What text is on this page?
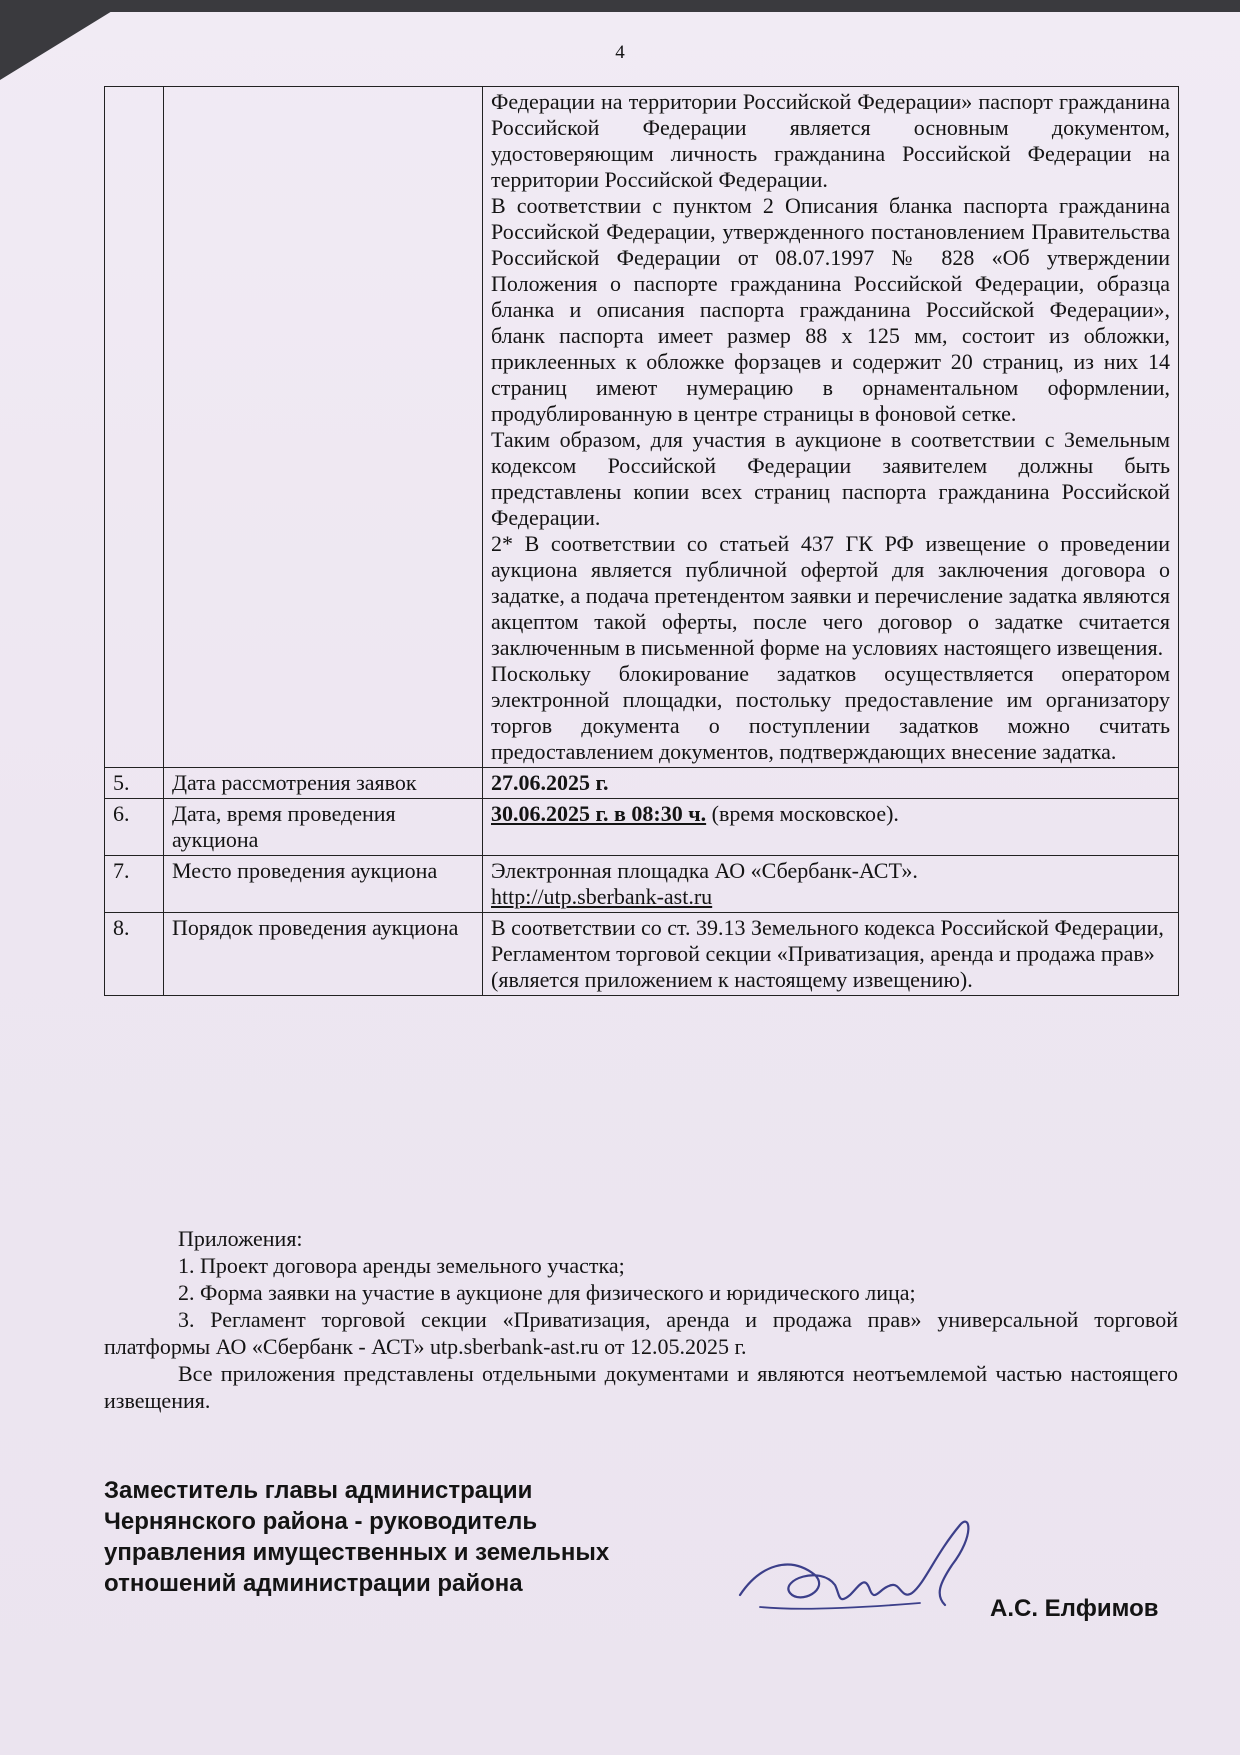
4

		Федерации на территории Российской Федерации» паспорт гражданина Российской Федерации является основным документом, удостоверяющим личность гражданина Российской Федерации на территории Российской Федерации.

В соответствии с пунктом 2 Описания бланка паспорта гражданина Российской Федерации, утвержденного постановлением Правительства Российской Федерации от 08.07.1997 № 828 «Об утверждении Положения о паспорте гражданина Российской Федерации, образца бланка и описания паспорта гражданина Российской Федерации», бланк паспорта имеет размер 88 х 125 мм, состоит из обложки, приклеенных к обложке форзацев и содержит 20 страниц, из них 14 страниц имеют нумерацию в орнаментальном оформлении, продублированную в центре страницы в фоновой сетке.

Таким образом, для участия в аукционе в соответствии с Земельным кодексом Российской Федерации заявителем должны быть представлены копии всех страниц паспорта гражданина Российской Федерации.

2* В соответствии со статьей 437 ГК РФ извещение о проведении аукциона является публичной офертой для заключения договора о задатке, а подача претендентом заявки и перечисление задатка являются акцептом такой оферты, после чего договор о задатке считается заключенным в письменной форме на условиях настоящего извещения.

Поскольку блокирование задатков осуществляется оператором электронной площадки, постольку предоставление им организатору торгов документа о поступлении задатков можно считать предоставлением документов, подтверждающих внесение задатка.

5.	Дата рассмотрения заявок	27.06.2025 г.
6.	Дата, время проведения аукциона	30.06.2025 г. в 08:30 ч. (время московское).
7.	Место проведения аукциона	Электронная площадка АО «Сбербанк-АСТ».
http://utp.sberbank-ast.ru

8.	Порядок проведения аукциона	В соответствии со ст. 39.13 Земельного кодекса Российской Федерации, Регламентом торговой секции «Приватизация, аренда и продажа прав» (является приложением к настоящему извещению).

Приложения:

1. Проект договора аренды земельного участка;

2. Форма заявки на участие в аукционе для физического и юридического лица;

3. Регламент торговой секции «Приватизация, аренда и продажа прав» универсальной торговой платформы АО «Сбербанк - АСТ» utp.sberbank-ast.ru от 12.05.2025 г.

Все приложения представлены отдельными документами и являются неотъемлемой частью настоящего извещения.

Заместитель главы администрации
Чернянского района - руководитель
управления имущественных и земельных
отношений администрации района
А.С. Елфимов
